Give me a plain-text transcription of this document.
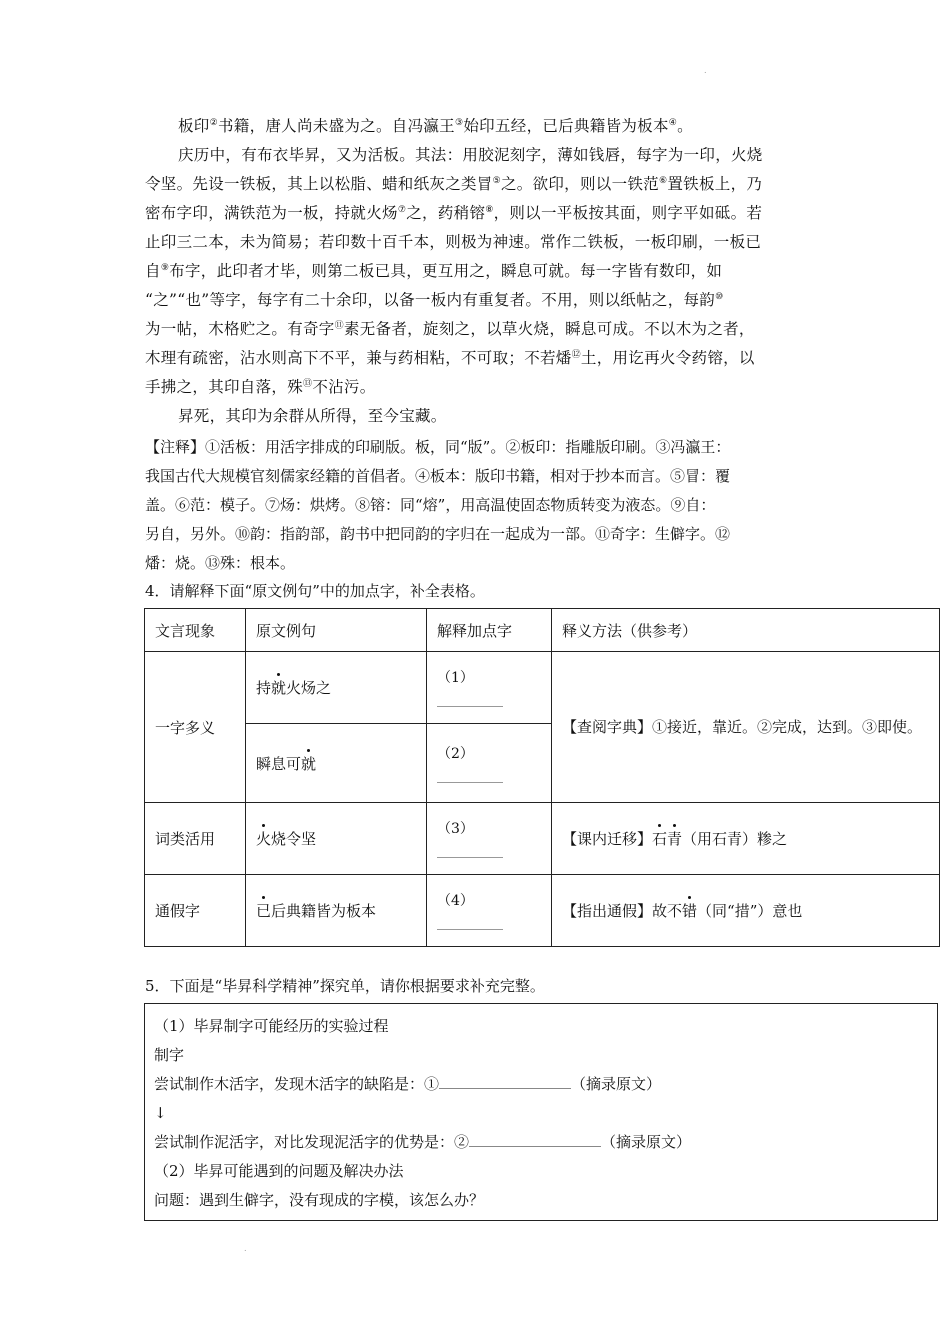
.
.
板印②书籍，唐人尚未盛为之。自冯瀛王③始印五经，已后典籍皆为板本④。
庆历中，有布衣毕昇，又为活板。其法：用胶泥刻字，薄如钱唇，每字为一印，火烧
令坚。先设一铁板，其上以松脂、蜡和纸灰之类冒⑤之。欲印，则以一铁范⑥置铁板上，乃
密布字印，满铁范为一板，持就火炀⑦之，药稍镕⑧，则以一平板按其面，则字平如砥。若
止印三二本，未为简易；若印数十百千本，则极为神速。常作二铁板，一板印刷，一板已
自⑨布字，此印者才毕，则第二板已具，更互用之，瞬息可就。每一字皆有数印，如
“之”“也”等字，每字有二十余印，以备一板内有重复者。不用，则以纸帖之，每韵⑩
为一帖，木格贮之。有奇字⑪素无备者，旋刻之，以草火烧，瞬息可成。不以木为之者，
木理有疏密，沾水则高下不平，兼与药相粘，不可取；不若燔⑫土，用讫再火令药镕，以
手拂之，其印自落，殊⑬不沾污。
昇死，其印为余群从所得，至今宝藏。
【注释】①活板：用活字排成的印刷版。板，同“版”。②板印：指雕版印刷。③冯瀛王：
我国古代大规模官刻儒家经籍的首倡者。④板本：版印书籍，相对于抄本而言。⑤冒：覆
盖。⑥范：模子。⑦炀：烘烤。⑧镕：同“熔”，用高温使固态物质转变为液态。⑨自：
另自，另外。⑩韵：指韵部，韵书中把同韵的字归在一起成为一部。⑪奇字：生僻字。⑫
燔：烧。⑬殊：根本。
4．请解释下面“原文例句”中的加点字，补全表格。
文言现象	原文例句	解释加点字	释义方法（供参考）
一字多义	持就火炀之	（1）	【查阅字典】①接近，靠近。②完成，达到。③即使。
	瞬息可就	（2）	

词类活用	火烧令坚	（3）	【课内迁移】石青（用石青）糁之
通假字	已后典籍皆为板本	（4）	【指出通假】故不错（同“措”）意也
5．下面是“毕昇科学精神”探究单，请你根据要求补充完整。
（1）毕昇制字可能经历的实验过程
制字
尝试制作木活字，发现木活字的缺陷是：①	（摘录原文）
↓
尝试制作泥活字，对比发现泥活字的优势是：②	（摘录原文）
（2）毕昇可能遇到的问题及解决办法
问题：遇到生僻字，没有现成的字模，该怎么办？
